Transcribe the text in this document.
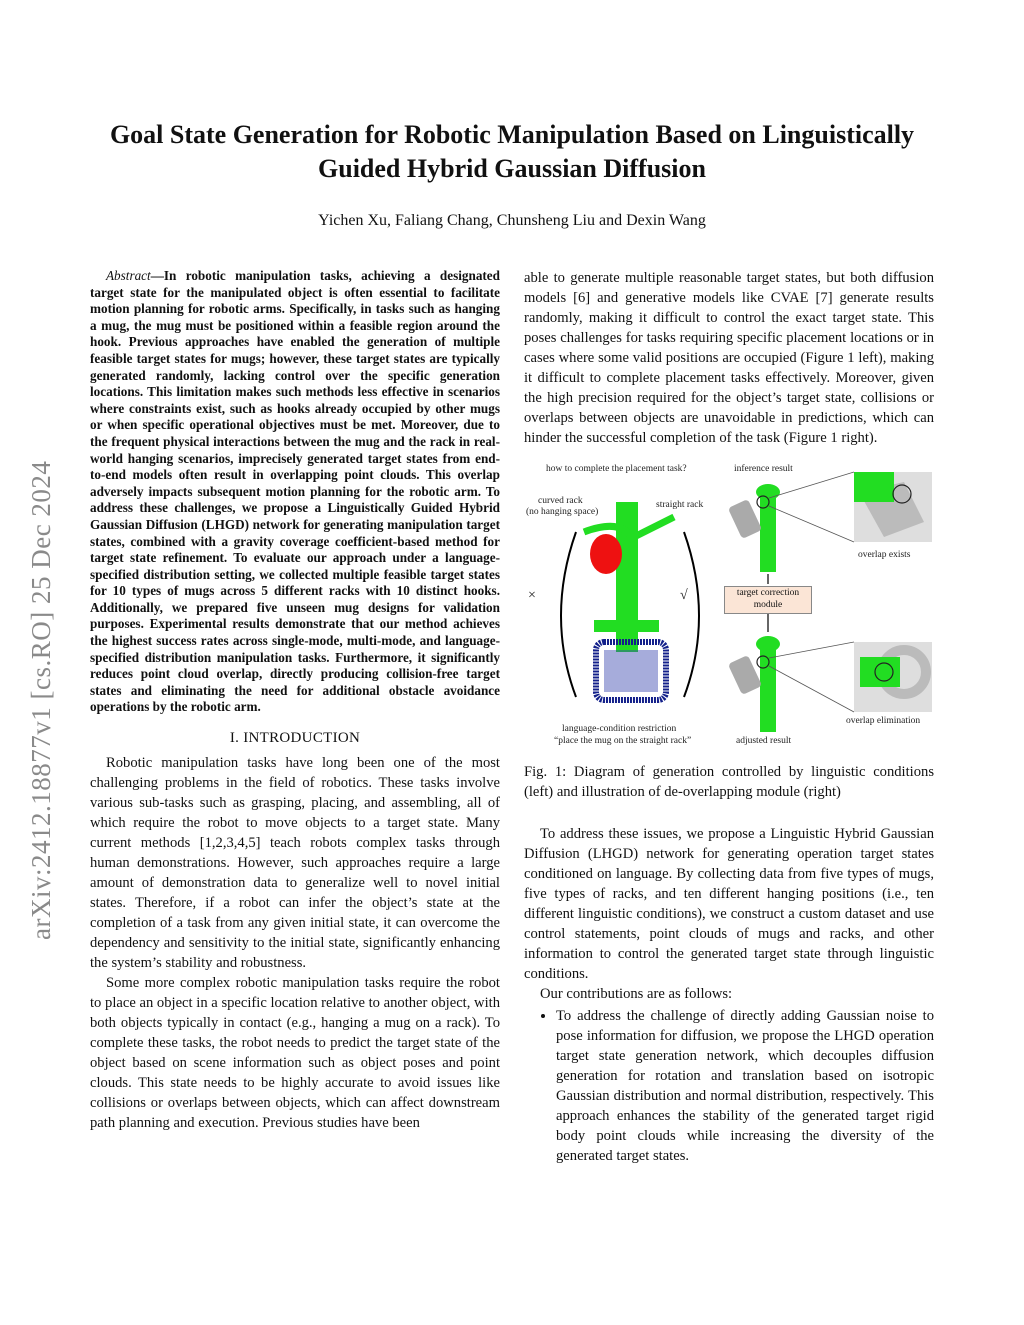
arXiv:2412.18877v1 [cs.RO] 25 Dec 2024
Goal State Generation for Robotic Manipulation Based on Linguistically Guided Hybrid Gaussian Diffusion
Yichen Xu, Faliang Chang, Chunsheng Liu and Dexin Wang

Abstract—In robotic manipulation tasks, achieving a designated target state for the manipulated object is often essential to facilitate motion planning for robotic arms. Specifically, in tasks such as hanging a mug, the mug must be positioned within a feasible region around the hook. Previous approaches have enabled the generation of multiple feasible target states for mugs; however, these target states are typically generated randomly, lacking control over the specific generation locations. This limitation makes such methods less effective in scenarios where constraints exist, such as hooks already occupied by other mugs or when specific operational objectives must be met. Moreover, due to the frequent physical interactions between the mug and the rack in real-world hanging scenarios, imprecisely generated target states from end-to-end models often result in overlapping point clouds. This overlap adversely impacts subsequent motion planning for the robotic arm. To address these challenges, we propose a Linguistically Guided Hybrid Gaussian Diffusion (LHGD) network for generating manipulation target states, combined with a gravity coverage coefficient-based method for target state refinement. To evaluate our approach under a language-specified distribution setting, we collected multiple feasible target states for 10 types of mugs across 5 different racks with 10 distinct hooks. Additionally, we prepared five unseen mug designs for validation purposes. Experimental results demonstrate that our method achieves the highest success rates across single-mode, multi-mode, and language-specified distribution manipulation tasks. Furthermore, it significantly reduces point cloud overlap, directly producing collision-free target states and eliminating the need for additional obstacle avoidance operations by the robotic arm.

I. INTRODUCTION

Robotic manipulation tasks have long been one of the most challenging problems in the field of robotics. These tasks involve various sub-tasks such as grasping, placing, and assembling, all of which require the robot to move objects to a target state. Many current methods [1,2,3,4,5] teach robots complex tasks through human demonstrations. However, such approaches require a large amount of demonstration data to generalize well to novel initial states. Therefore, if a robot can infer the object’s state at the completion of a task from any given initial state, it can overcome the dependency and sensitivity to the initial state, significantly enhancing the system’s stability and robustness.

Some more complex robotic manipulation tasks require the robot to place an object in a specific location relative to another object, with both objects typically in contact (e.g., hanging a mug on a rack). To complete these tasks, the robot needs to predict the target state of the object based on scene information such as object poses and point clouds. This state needs to be highly accurate to avoid issues like collisions or overlaps between objects, which can affect downstream path planning and execution. Previous studies have been

able to generate multiple reasonable target states, but both diffusion models [6] and generative models like CVAE [7] generate results randomly, making it difficult to control the exact target state. This poses challenges for tasks requiring specific placement locations or in cases where some valid positions are occupied (Figure 1 left), making it difficult to complete placement tasks effectively. Moreover, given the high precision required for the object’s target state, collisions or overlaps between objects are unavoidable in predictions, which can hinder the successful completion of the task (Figure 1 right).

how to complete the placement task?
curved rack
(no hanging space)
straight rack
×	√
language-condition restriction
“place the mug on the straight rack”
inference result
overlap exists
target correction module
overlap elimination
adjusted result
Fig. 1: Diagram of generation controlled by linguistic conditions (left) and illustration of de-overlapping module (right)

To address these issues, we propose a Linguistic Hybrid Gaussian Diffusion (LHGD) network for generating operation target states conditioned on language. By collecting data from five types of mugs, five types of racks, and ten different hanging positions (i.e., ten different linguistic conditions), we construct a custom dataset and use control statements, point clouds of mugs and racks, and other information to control the generated target state through linguistic conditions.

Our contributions are as follows:

• To address the challenge of directly adding Gaussian noise to pose information for diffusion, we propose the LHGD operation target state generation network, which decouples diffusion generation for rotation and translation based on isotropic Gaussian distribution and normal distribution, respectively. This approach enhances the stability of the generated target rigid body point clouds while increasing the diversity of the generated target states.
